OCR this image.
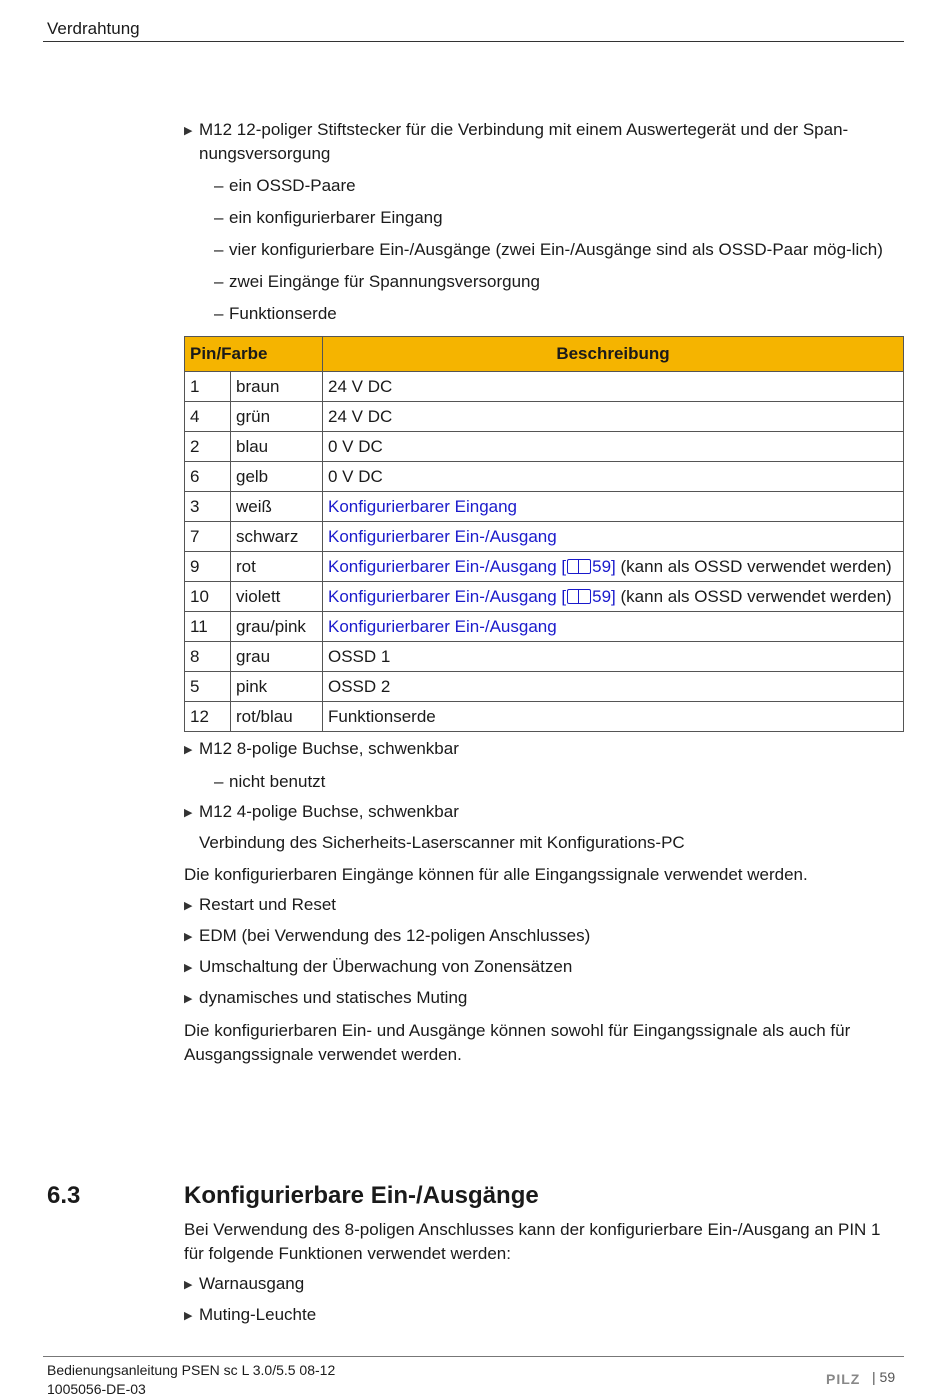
Verdrahtung
▶ M12 12-poliger Stiftstecker für die Verbindung mit einem Auswertegerät und der Span-nungsversorgung
– ein OSSD-Paare
– ein konfigurierbarer Eingang
– vier konfigurierbare Ein-/Ausgänge (zwei Ein-/Ausgänge sind als OSSD-Paar mög-lich)
– zwei Eingänge für Spannungsversorgung
– Funktionserde
Pin/Farbe		Beschreibung
1	braun	24 V DC
4	grün	24 V DC
2	blau	0 V DC
6	gelb	0 V DC
3	weiß	Konfigurierbarer Eingang
7	schwarz	Konfigurierbarer Ein-/Ausgang
9	rot	Konfigurierbarer Ein-/Ausgang [ 59] (kann als OSSD verwendet werden)
10	violett	Konfigurierbarer Ein-/Ausgang [ 59] (kann als OSSD verwendet werden)
11	grau/pink	Konfigurierbarer Ein-/Ausgang
8	grau	OSSD 1
5	pink	OSSD 2
12	rot/blau	Funktionserde
▶ M12 8-polige Buchse, schwenkbar
– nicht benutzt
▶ M12 4-polige Buchse, schwenkbar
Verbindung des Sicherheits-Laserscanner mit Konfigurations-PC
Die konfigurierbaren Eingänge können für alle Eingangssignale verwendet werden.
▶ Restart und Reset
▶ EDM (bei Verwendung des 12-poligen Anschlusses)
▶ Umschaltung der Überwachung von Zonensätzen
▶ dynamisches und statisches Muting
Die konfigurierbaren Ein- und Ausgänge können sowohl für Eingangssignale als auch für Ausgangssignale verwendet werden.
6.3	Konfigurierbare Ein-/Ausgänge
Bei Verwendung des 8-poligen Anschlusses kann der konfigurierbare Ein-/Ausgang an PIN 1 für folgende Funktionen verwendet werden:
▶ Warnausgang
▶ Muting-Leuchte
Bedienungsanleitung PSEN sc L 3.0/5.5 08-12
1005056-DE-03
PILZ | 59
